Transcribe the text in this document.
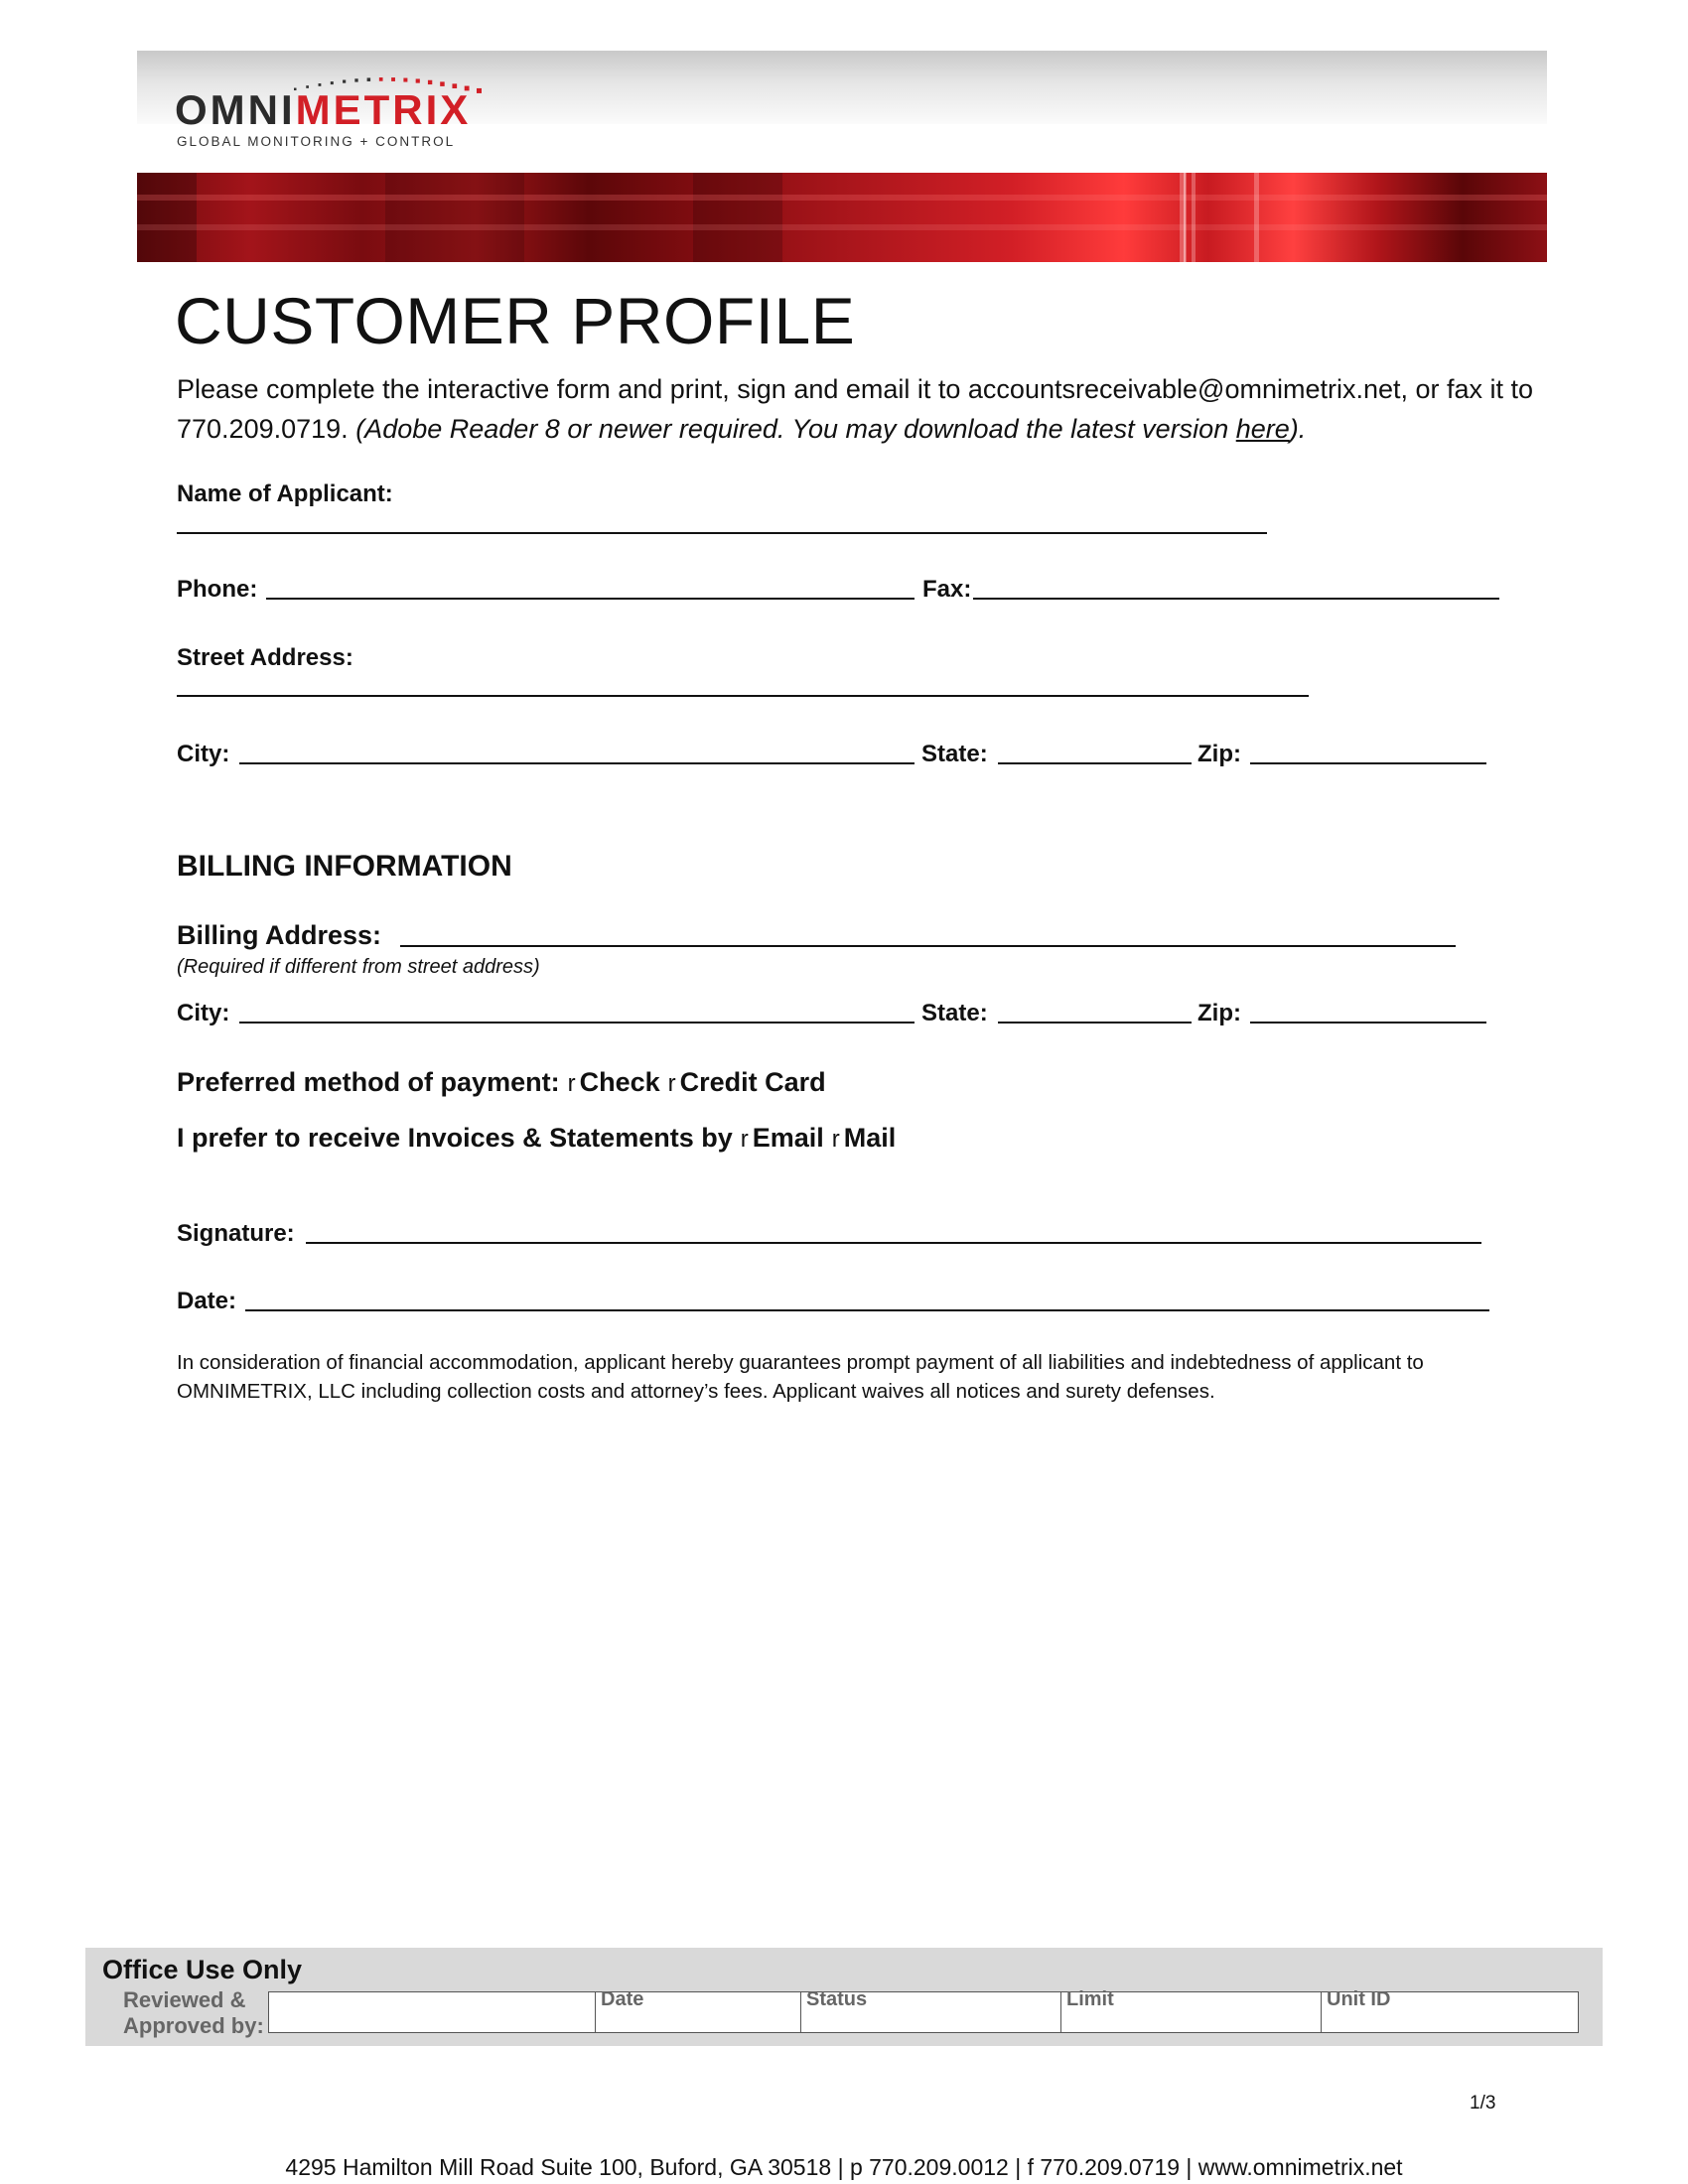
OMNIMETRIX
GLOBAL MONITORING + CONTROL
CUSTOMER PROFILE
Please complete the interactive form and print, sign and email it to accountsreceivable@omnimetrix.net, or fax it to 770.209.0719. (Adobe Reader 8 or newer required. You may download the latest version here).
Name of Applicant:
Phone:	Fax:
Street Address:
City:	State:	Zip:
BILLING INFORMATION
Billing Address:
(Required if different from street address)
City:	State:	Zip:
Preferred method of payment: r Check r Credit Card
I prefer to receive Invoices & Statements by r Email r Mail
Signature:
Date:
In consideration of financial accommodation, applicant hereby guarantees prompt payment of all liabilities and indebtedness of applicant to OMNIMETRIX, LLC including collection costs and attorney’s fees. Applicant waives all notices and surety defenses.
Office Use Only
Reviewed &
Approved by:
Date	Status	Limit	Unit ID
1/3
4295 Hamilton Mill Road Suite 100, Buford, GA 30518 | p 770.209.0012 | f 770.209.0719 | www.omnimetrix.net
